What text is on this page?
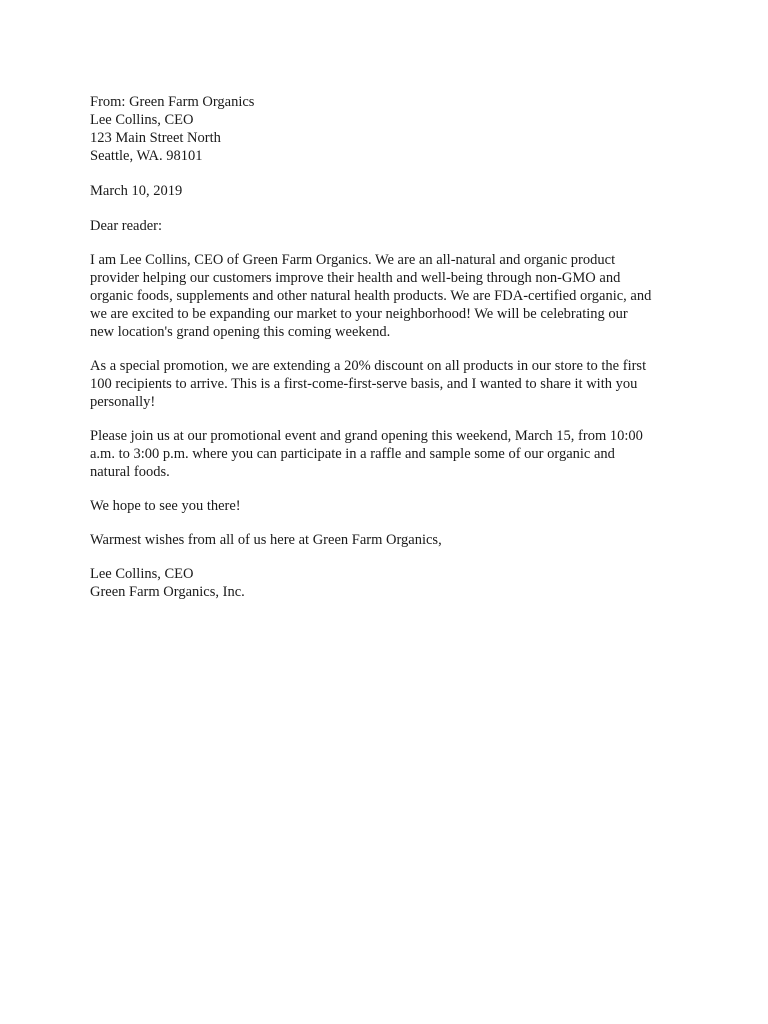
From: Green Farm Organics
Lee Collins, CEO
123 Main Street North
Seattle, WA. 98101
March 10, 2019
Dear reader:
I am Lee Collins, CEO of Green Farm Organics. We are an all-natural and organic product
provider helping our customers improve their health and well-being through non-GMO and
organic foods, supplements and other natural health products. We are FDA-certified organic, and
we are excited to be expanding our market to your neighborhood! We will be celebrating our
new location's grand opening this coming weekend.
As a special promotion, we are extending a 20% discount on all products in our store to the first
100 recipients to arrive. This is a first-come-first-serve basis, and I wanted to share it with you
personally!
Please join us at our promotional event and grand opening this weekend, March 15, from 10:00
a.m. to 3:00 p.m. where you can participate in a raffle and sample some of our organic and
natural foods.
We hope to see you there!
Warmest wishes from all of us here at Green Farm Organics,
Lee Collins, CEO
Green Farm Organics, Inc.
